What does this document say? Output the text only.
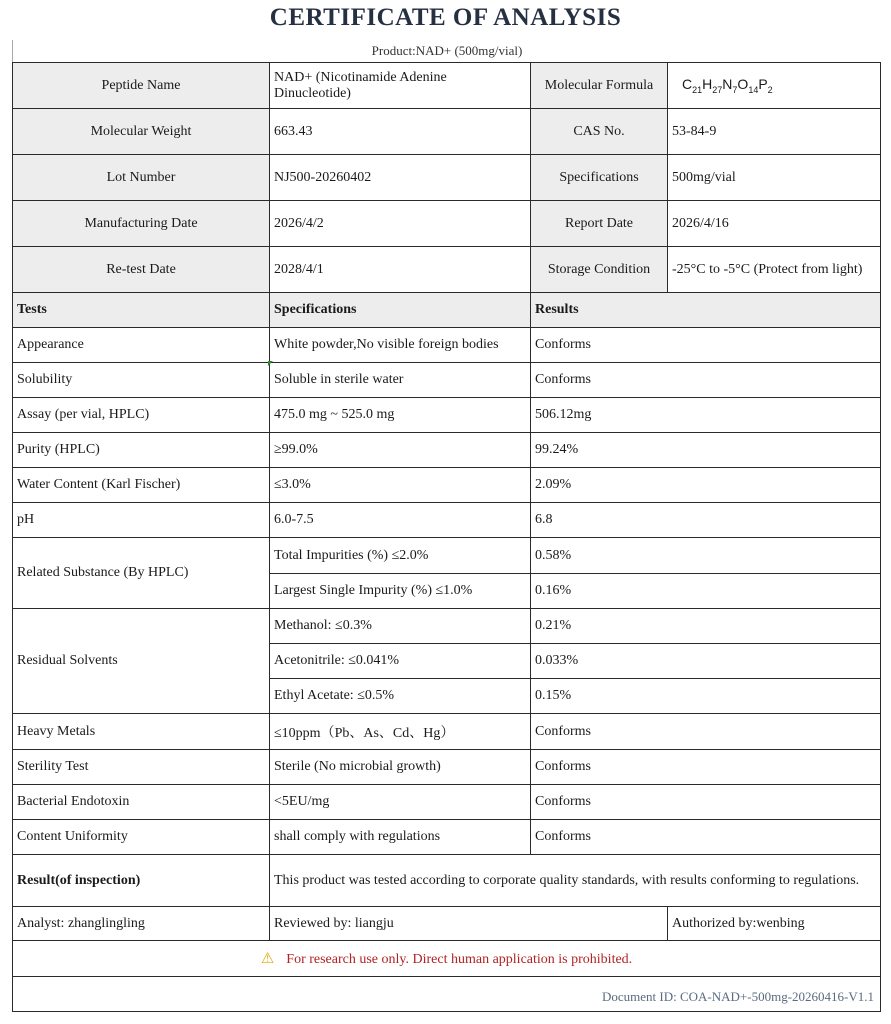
CERTIFICATE OF ANALYSIS
Product:NAD+ (500mg/vial)
Peptide Name	NAD+ (Nicotinamide Adenine Dinucleotide)	Molecular Formula	$C_{21}H_{27}N_7O_{14}P_2$
Molecular Weight	663.43	CAS No.	53-84-9
Lot Number	NJ500-20260402	Specifications	500mg/vial
Manufacturing Date	2026/4/2	Report Date	2026/4/16
Re-test Date	2028/4/1	Storage Condition	-25°C to -5°C (Protect from light)
Tests	Specifications	Results	
Appearance	White powder,No visible foreign bodies	Conforms	
Solubility	Soluble in sterile water	Conforms	
Assay (per vial, HPLC)	475.0 mg ~ 525.0 mg	506.12mg	
Purity (HPLC)	≥99.0%	99.24%	
Water Content (Karl Fischer)	≤3.0%	2.09%	
pH	6.0-7.5	6.8	
Related Substance (By HPLC)	Total Impurities (%) ≤2.0%	0.58%	
	Largest Single Impurity (%) ≤1.0%	0.16%	
Residual Solvents	Methanol: ≤0.3%	0.21%	
	Acetonitrile: ≤0.041%	0.033%	
	Ethyl Acetate: ≤0.5%	0.15%	
Heavy Metals	≤10ppm（Pb、As、Cd、Hg）	Conforms	
Sterility Test	Sterile (No microbial growth)	Conforms	
Bacterial Endotoxin	<5EU/mg	Conforms	
Content Uniformity	shall comply with regulations	Conforms	
Result(of inspection)	This product was tested according to corporate quality standards, with results conforming to regulations.		
Analyst: zhanglingling	Reviewed by: liangju		Authorized by:wenbing
⚠ For research use only. Direct human application is prohibited.			
Document ID: COA-NAD+-500mg-20260416-V1.1			
